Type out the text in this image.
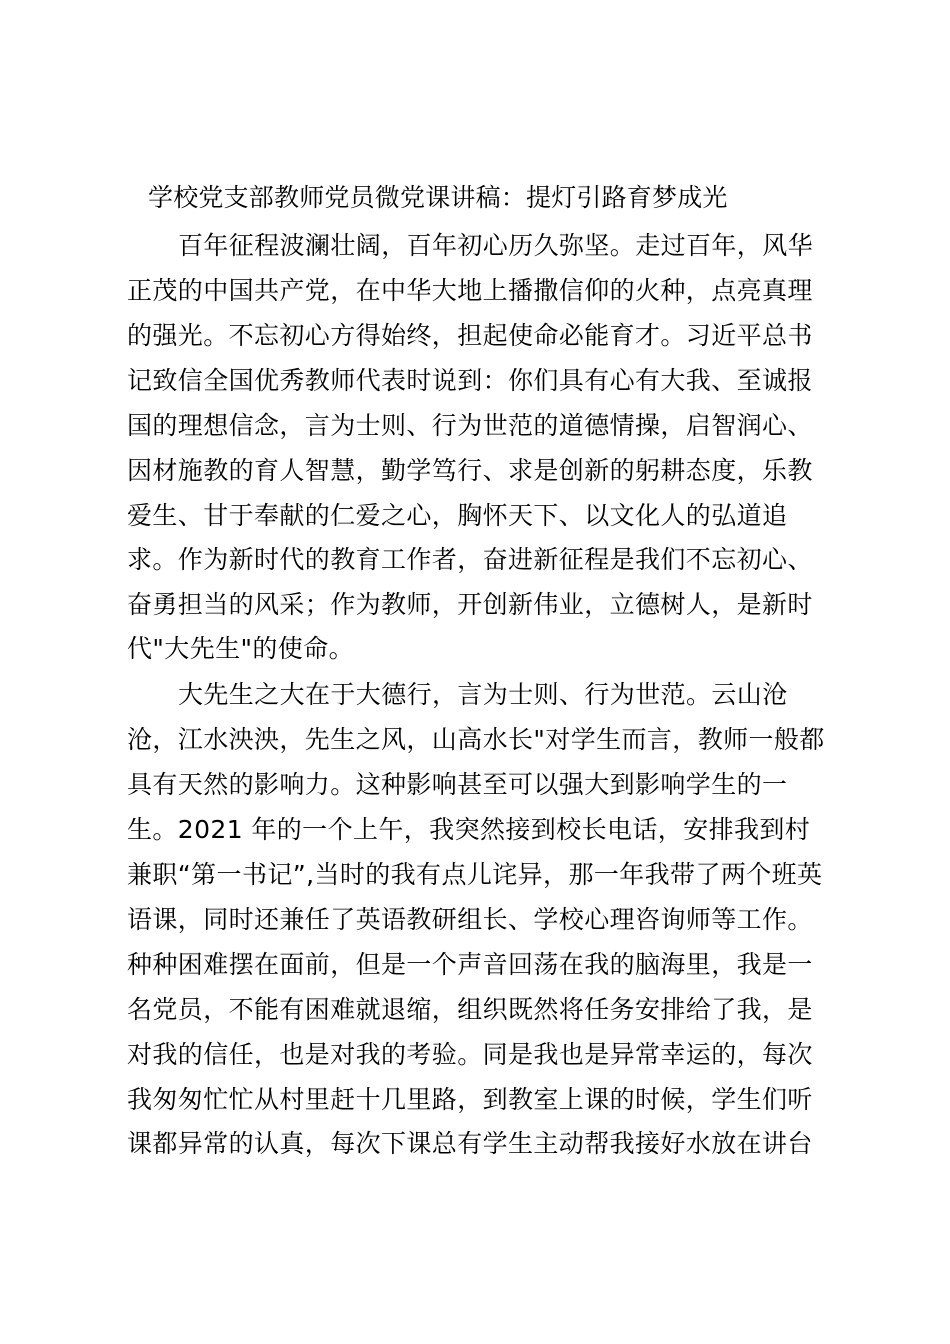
学校党支部教师党员微党课讲稿：提灯引路育梦成光
百年征程波澜壮阔，百年初心历久弥坚。走过百年，风华
正茂的中国共产党，在中华大地上播撒信仰的火种，点亮真理
的强光。不忘初心方得始终，担起使命必能育才。习近平总书
记致信全国优秀教师代表时说到：你们具有心有大我、至诚报
国的理想信念，言为士则、行为世范的道德情操，启智润心、
因材施教的育人智慧，勤学笃行、求是创新的躬耕态度，乐教
爱生、甘于奉献的仁爱之心，胸怀天下、以文化人的弘道追
求。作为新时代的教育工作者，奋进新征程是我们不忘初心、
奋勇担当的风采；作为教师，开创新伟业，立德树人，是新时
代"大先生"的使命。
大先生之大在于大德行，言为士则、行为世范。云山沧
沧，江水泱泱，先生之风，山高水长"对学生而言，教师一般都
具有天然的影响力。这种影响甚至可以强大到影响学生的一
生。2021 年的一个上午，我突然接到校长电话，安排我到村
兼职“第一书记”,当时的我有点儿诧异，那一年我带了两个班英
语课，同时还兼任了英语教研组长、学校心理咨询师等工作。
种种困难摆在面前，但是一个声音回荡在我的脑海里，我是一
名党员，不能有困难就退缩，组织既然将任务安排给了我，是
对我的信任，也是对我的考验。同是我也是异常幸运的，每次
我匆匆忙忙从村里赶十几里路，到教室上课的时候，学生们听
课都异常的认真，每次下课总有学生主动帮我接好水放在讲台
